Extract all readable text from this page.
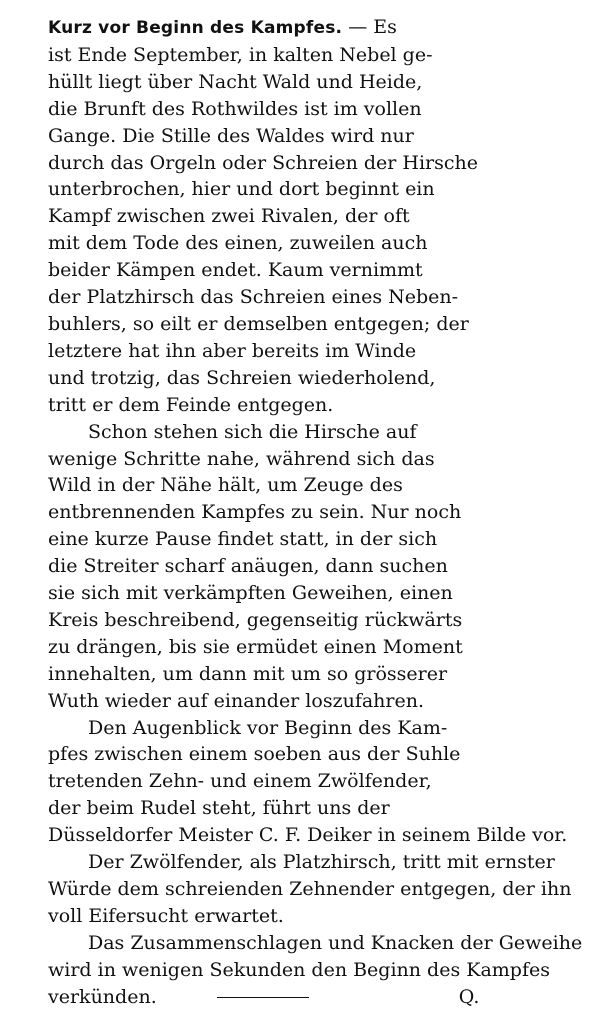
Kurz vor Beginn des Kampfes. — Es
ist Ende September, in kalten Nebel ge-
hüllt liegt über Nacht Wald und Heide,
die Brunft des Rothwildes ist im vollen
Gange. Die Stille des Waldes wird nur
durch das Orgeln oder Schreien der Hirsche
unterbrochen, hier und dort beginnt ein
Kampf zwischen zwei Rivalen, der oft
mit dem Tode des einen, zuweilen auch
beider Kämpen endet. Kaum vernimmt
der Platzhirsch das Schreien eines Neben-
buhlers, so eilt er demselben entgegen; der
letztere hat ihn aber bereits im Winde
und trotzig, das Schreien wiederholend,
tritt er dem Feinde entgegen.
Schon stehen sich die Hirsche auf
wenige Schritte nahe, während sich das
Wild in der Nähe hält, um Zeuge des
entbrennenden Kampfes zu sein. Nur noch
eine kurze Pause findet statt, in der sich
die Streiter scharf anäugen, dann suchen
sie sich mit verkämpften Geweihen, einen
Kreis beschreibend, gegenseitig rückwärts
zu drängen, bis sie ermüdet einen Moment
innehalten, um dann mit um so grösserer
Wuth wieder auf einander loszufahren.
Den Augenblick vor Beginn des Kam-
pfes zwischen einem soeben aus der Suhle
tretenden Zehn- und einem Zwölfender,
der beim Rudel steht, führt uns der
Düsseldorfer Meister C. F. Deiker in seinem Bilde vor.
Der Zwölfender, als Platzhirsch, tritt mit ernster
Würde dem schreienden Zehnender entgegen, der ihn
voll Eifersucht erwartet.
Das Zusammenschlagen und Knacken der Geweihe
wird in wenigen Sekunden den Beginn des Kampfes
verkünden.	Q.
